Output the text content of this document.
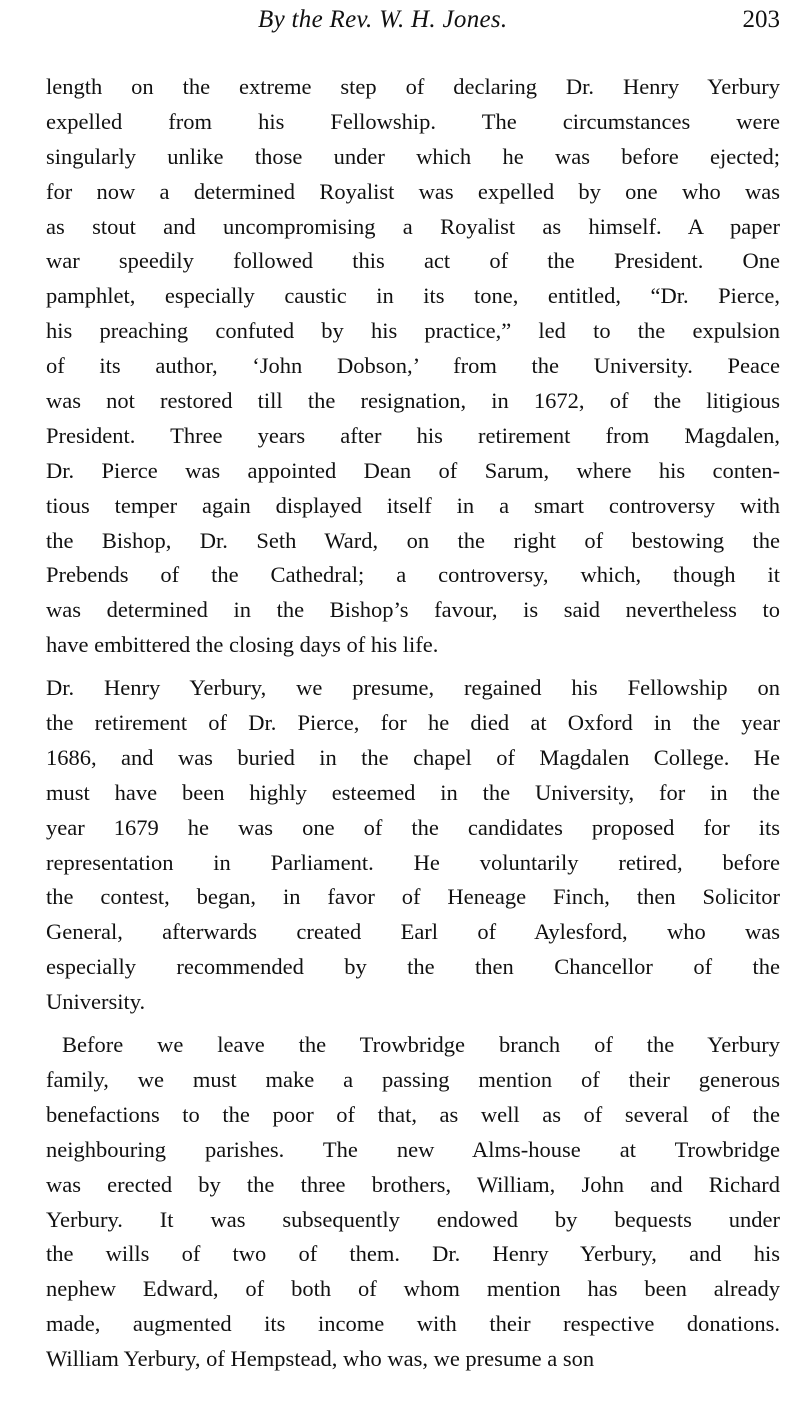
By the Rev. W. H. Jones.	203

length on the extreme step of declaring Dr. Henry Yerbury
expelled from his Fellowship. The circumstances were
singularly unlike those under which he was before ejected;
for now a determined Royalist was expelled by one who was
as stout and uncompromising a Royalist as himself. A paper
war speedily followed this act of the President. One
pamphlet, especially caustic in its tone, entitled, “Dr. Pierce,
his preaching confuted by his practice,” led to the expulsion
of its author, ‘John Dobson,’ from the University. Peace
was not restored till the resignation, in 1672, of the litigious
President. Three years after his retirement from Magdalen,
Dr. Pierce was appointed Dean of Sarum, where his conten-
tious temper again displayed itself in a smart controversy with
the Bishop, Dr. Seth Ward, on the right of bestowing the
Prebends of the Cathedral; a controversy, which, though it
was determined in the Bishop’s favour, is said nevertheless to
have embittered the closing days of his life.

Dr. Henry Yerbury, we presume, regained his Fellowship on
the retirement of Dr. Pierce, for he died at Oxford in the year
1686, and was buried in the chapel of Magdalen College. He
must have been highly esteemed in the University, for in the
year 1679 he was one of the candidates proposed for its
representation in Parliament. He voluntarily retired, before
the contest, began, in favor of Heneage Finch, then Solicitor
General, afterwards created Earl of Aylesford, who was
especially recommended by the then Chancellor of the
University.

Before we leave the Trowbridge branch of the Yerbury
family, we must make a passing mention of their generous
benefactions to the poor of that, as well as of several of the
neighbouring parishes. The new Alms-house at Trowbridge
was erected by the three brothers, William, John and Richard
Yerbury. It was subsequently endowed by bequests under
the wills of two of them. Dr. Henry Yerbury, and his
nephew Edward, of both of whom mention has been already
made, augmented its income with their respective donations.
William Yerbury, of Hempstead, who was, we presume a son
